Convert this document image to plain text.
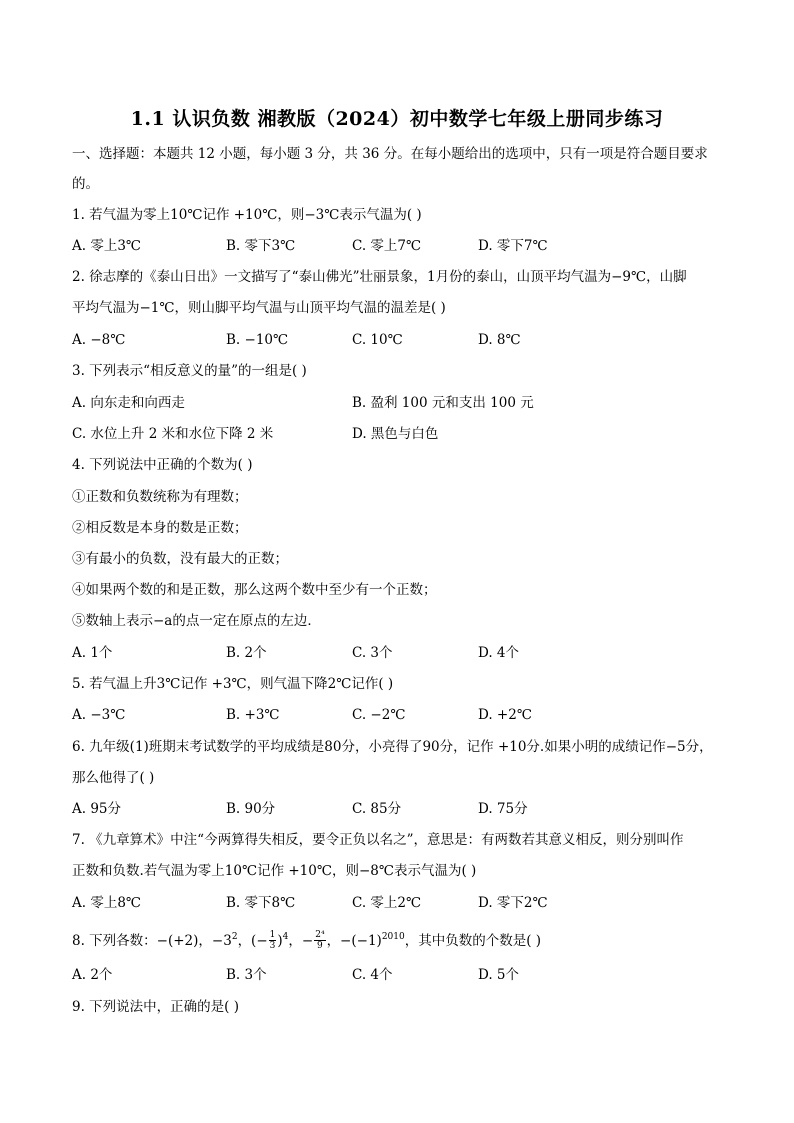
1.1 认识负数 湘教版（2024）初中数学七年级上册同步练习
一、选择题：本题共 12 小题，每小题 3 分，共 36 分。在每小题给出的选项中，只有一项是符合题目要求
的。
1. 若气温为零上10℃记作 +10℃，则−3℃表示气温为( )
A. 零上3℃	B. 零下3℃	C. 零上7℃	D. 零下7℃
2. 徐志摩的《泰山日出》一文描写了“泰山佛光”壮丽景象，1月份的泰山，山顶平均气温为−9℃，山脚
平均气温为−1℃，则山脚平均气温与山顶平均气温的温差是( )
A. −8℃	B. −10℃	C. 10℃	D. 8℃
3. 下列表示“相反意义的量”的一组是( )
A. 向东走和向西走	B. 盈利 100 元和支出 100 元
C. 水位上升 2 米和水位下降 2 米	D. 黑色与白色
4. 下列说法中正确的个数为( )
①正数和负数统称为有理数；
②相反数是本身的数是正数；
③有最小的负数，没有最大的正数；
④如果两个数的和是正数，那么这两个数中至少有一个正数；
⑤数轴上表示−a的点一定在原点的左边．
A. 1个	B. 2个	C. 3个	D. 4个
5. 若气温上升3℃记作 +3℃，则气温下降2℃记作( )
A. −3℃	B. +3℃	C. −2℃	D. +2℃
6. 九年级(1)班期末考试数学的平均成绩是80分，小亮得了90分，记作 +10分.如果小明的成绩记作−5分，
那么他得了( )
A. 95分	B. 90分	C. 85分	D. 75分
7. 《九章算术》中注“今两算得失相反，要令正负以名之”，意思是：有两数若其意义相反，则分别叫作
正数和负数.若气温为零上10℃记作 +10℃，则−8℃表示气温为( )
A. 零上8℃	B. 零下8℃	C. 零上2℃	D. 零下2℃
8. 下列各数：−(+2)，$-3^2$ ，(− $\frac{1}{3} )^4$ ，− $\frac{\text{2⁴}}{9}$ ，$-(-1)^{2010}$ ，其中负数的个数是( )
A. 2个	B. 3个	C. 4个	D. 5个
9. 下列说法中，正确的是( )
